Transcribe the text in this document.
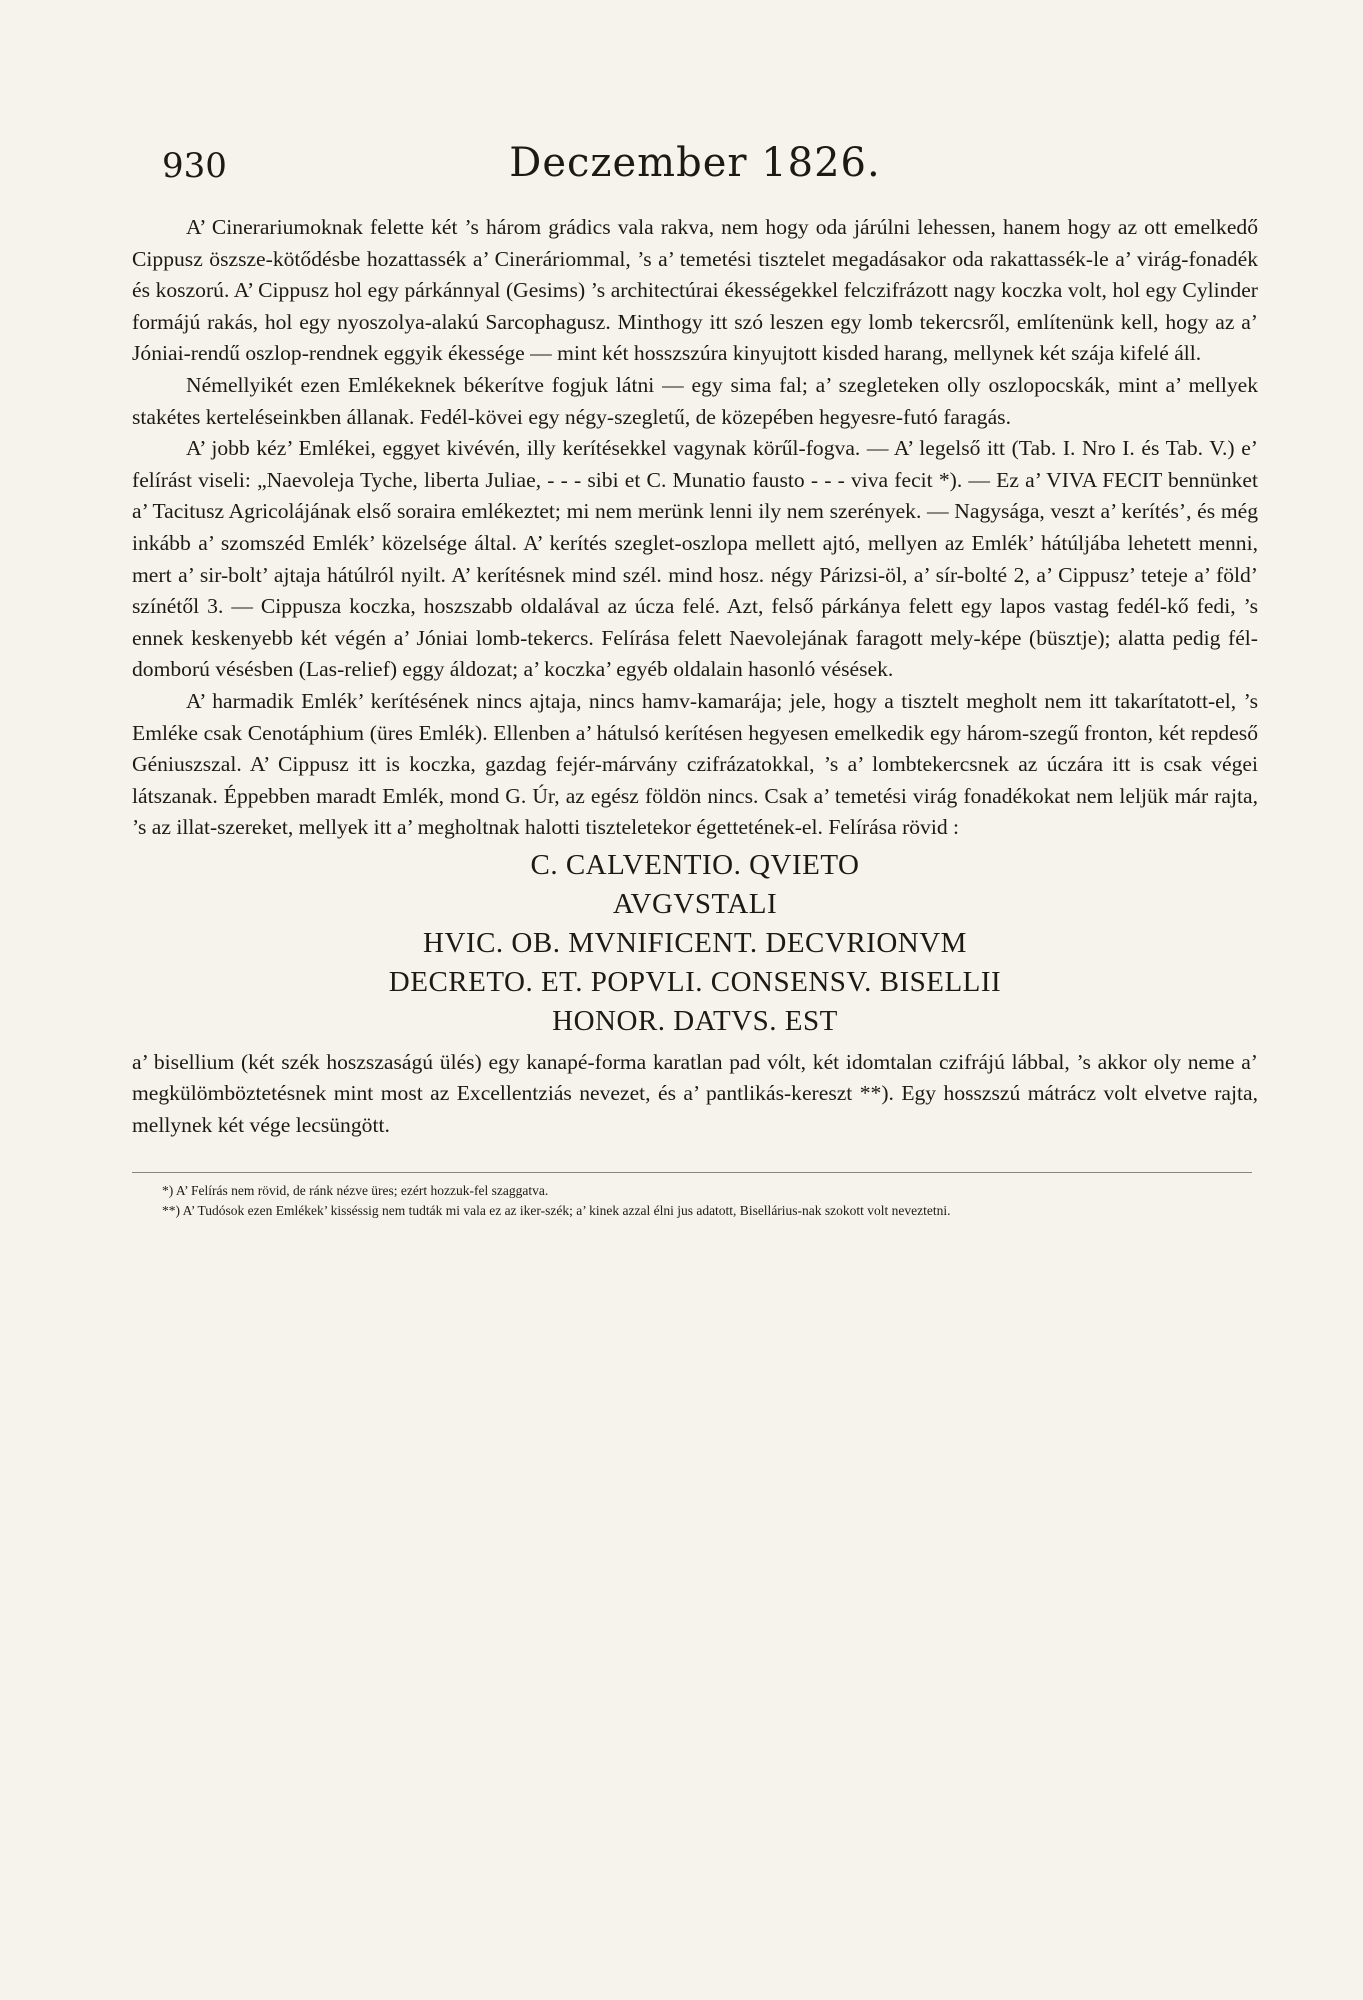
930	Deczember 1826.

A’ Cinerariumoknak felette két ’s három grádics vala rakva, nem hogy oda járúlni lehessen, hanem hogy az ott emelkedő Cippusz öszsze-kötődésbe hozattassék a’ Cineráriommal, ’s a’ temetési tisztelet megadásakor oda rakattassék-le a’ virág-fonadék és koszorú. A’ Cippusz hol egy párkánnyal (Gesims) ’s architectúrai ékességekkel felczifrázott nagy koczka volt, hol egy Cylinder formájú rakás, hol egy nyoszolya-alakú Sarcophagusz. Minthogy itt szó leszen egy lomb tekercsről, említenünk kell, hogy az a’ Jóniai-rendű oszlop-rendnek eggyik ékessége — mint két hosszszúra kinyujtott kisded harang, mellynek két szája kifelé áll.

Némellyikét ezen Emlékeknek békerítve fogjuk látni — egy sima fal; a’ szegleteken olly oszlopocskák, mint a’ mellyek stakétes kerteléseinkben állanak. Fedél-kövei egy négy-szegletű, de közepében hegyesre-futó faragás.

A’ jobb kéz’ Emlékei, eggyet kivévén, illy kerítésekkel vagynak körűl-fogva. — A’ legelső itt (Tab. I. Nro I. és Tab. V.) e’ felírást viseli: „Naevoleja Tyche, liberta Juliae, - - - sibi et C. Munatio fausto - - - viva fecit *). — Ez a’ VIVA FECIT bennünket a’ Tacitusz Agricolájának első soraira emlékeztet; mi nem merünk lenni ily nem szerények. — Nagysága, veszt a’ kerítés’, és még inkább a’ szomszéd Emlék’ közelsége által. A’ kerítés szeglet-oszlopa mellett ajtó, mellyen az Emlék’ hátúljába lehetett menni, mert a’ sir-bolt’ ajtaja hátúlról nyilt. A’ kerítésnek mind szél. mind hosz. négy Párizsi-öl, a’ sír-bolté 2, a’ Cippusz’ teteje a’ föld’ színétől 3. — Cippusza koczka, hoszszabb oldalával az úcza felé. Azt, felső párkánya felett egy lapos vastag fedél-kő fedi, ’s ennek keskenyebb két végén a’ Jóniai lomb-tekercs. Felírása felett Naevolejának faragott mely-képe (büsztje); alatta pedig fél-domború vésésben (Las-relief) eggy áldozat; a’ koczka’ egyéb oldalain hasonló vésések.

A’ harmadik Emlék’ kerítésének nincs ajtaja, nincs hamv-kamarája; jele, hogy a tisztelt megholt nem itt takarítatott-el, ’s Emléke csak Cenotáphium (üres Emlék). Ellenben a’ hátulsó kerítésen hegyesen emelkedik egy három-szegű fronton, két repdeső Géniuszszal. A’ Cippusz itt is koczka, gazdag fejér-márvány czifrázatokkal, ’s a’ lombtekercsnek az úczára itt is csak végei látszanak. Éppebben maradt Emlék, mond G. Úr, az egész földön nincs. Csak a’ temetési virág fonadékokat nem leljük már rajta, ’s az illat-szereket, mellyek itt a’ megholtnak halotti tiszteletekor égettetének-el. Felírása rövid :

C. CALVENTIO. QVIETO
AVGVSTALI
HVIC. OB. MVNIFICENT. DECVRIONVM
DECRETO. ET. POPVLI. CONSENSV. BISELLII
HONOR. DATVS. EST

a’ bisellium (két szék hoszszaságú ülés) egy kanapé-forma karatlan pad vólt, két idomtalan czifrájú lábbal, ’s akkor oly neme a’ megkülömböztetésnek mint most az Excellentziás nevezet, és a’ pantlikás-kereszt **). Egy hosszszú mátrácz volt elvetve rajta, mellynek két vége lecsüngött.

*) A’ Felírás nem rövid, de ránk nézve üres; ezért hozzuk-fel szaggatva.

**) A’ Tudósok ezen Emlékek’ kisséssig nem tudták mi vala ez az iker-szék; a’ kinek azzal élni jus adatott, Bisellárius-nak szokott volt neveztetni.
